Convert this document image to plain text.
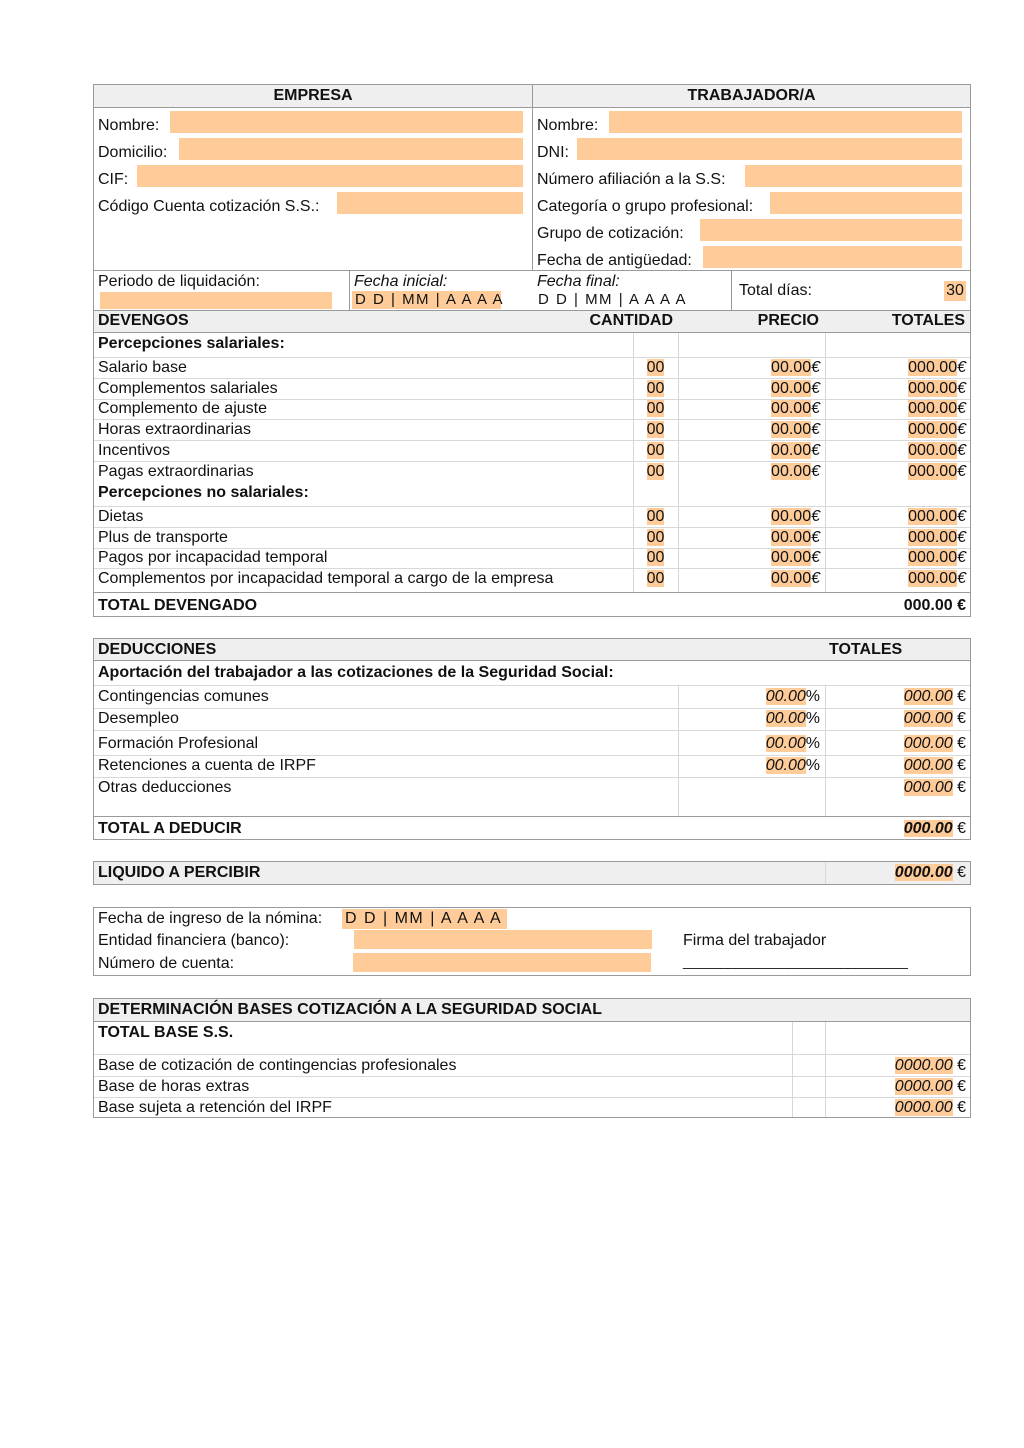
EMPRESA	TRABAJADOR/A
Nombre:
Domicilio:
CIF:
Código Cuenta cotización S.S.:
Nombre:
DNI:
Número afiliación a la S.S:
Categoría o grupo profesional:
Grupo de cotización:
Fecha de antigüedad:
Periodo de liquidación:	Fecha inicial:
D D | MM | A A A A
Fecha final:
D D | MM | A A A A
Total días:	30
DEVENGOS	CANTIDAD	PRECIO	TOTALES
Percepciones salariales:
Salario base	00	00.00€	000.00€
Complementos salariales	00	00.00€	000.00€
Complemento de ajuste	00	00.00€	000.00€
Horas extraordinarias	00	00.00€	000.00€
Incentivos	00	00.00€	000.00€
Pagas extraordinarias	00	00.00€	000.00€
Percepciones no salariales:
Dietas	00	00.00€	000.00€
Plus de transporte	00	00.00€	000.00€
Pagos por incapacidad temporal	00	00.00€	000.00€
Complementos por incapacidad temporal a cargo de la empresa	00	00.00€	000.00€
TOTAL DEVENGADO	000.00 €
DEDUCCIONES	TOTALES
Aportación del trabajador a las cotizaciones de la Seguridad Social:
Contingencias comunes	00.00%	000.00 €
Desempleo	00.00%	000.00 €
Formación Profesional	00.00%	000.00 €
Retenciones a cuenta de IRPF	00.00%	000.00 €
Otras deducciones	000.00 €
TOTAL A DEDUCIR	000.00 €
LIQUIDO A PERCIBIR	0000.00 €
Fecha de ingreso de la nómina: D D | MM | A A A A
Entidad financiera (banco):
Número de cuenta:
Firma del trabajador
______________________________
DETERMINACIÓN BASES COTIZACIÓN A LA SEGURIDAD SOCIAL
TOTAL BASE S.S.
Base de cotización de contingencias profesionales	0000.00 €
Base de horas extras	0000.00 €
Base sujeta a retención del IRPF	0000.00 €
